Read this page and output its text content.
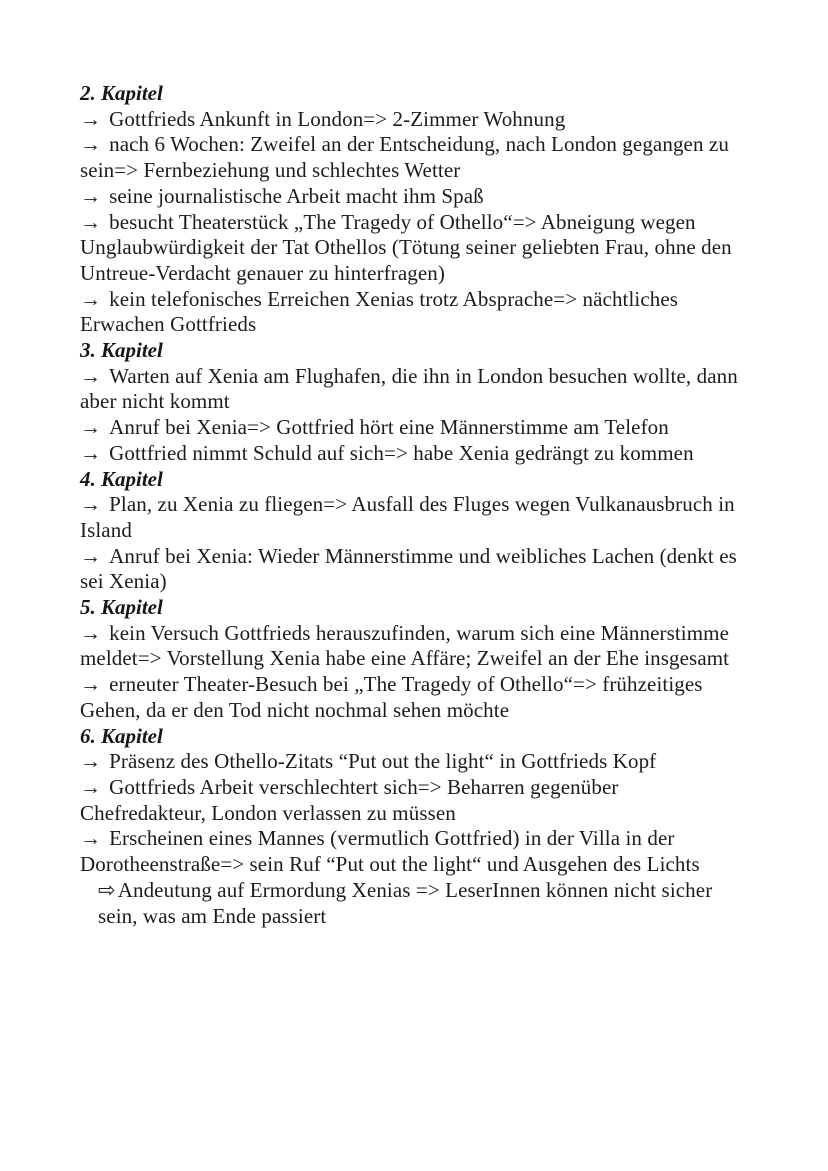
2. Kapitel

→ Gottfrieds Ankunft in London=> 2-Zimmer Wohnung

→ nach 6 Wochen: Zweifel an der Entscheidung, nach London gegangen zu sein=> Fernbeziehung und schlechtes Wetter

→ seine journalistische Arbeit macht ihm Spaß

→ besucht Theaterstück „The Tragedy of Othello“=> Abneigung wegen Unglaubwürdigkeit der Tat Othellos (Tötung seiner geliebten Frau, ohne den Untreue-Verdacht genauer zu hinterfragen)

→ kein telefonisches Erreichen Xenias trotz Absprache=> nächtliches Erwachen Gottfrieds

3. Kapitel

→ Warten auf Xenia am Flughafen, die ihn in London besuchen wollte, dann aber nicht kommt

→ Anruf bei Xenia=> Gottfried hört eine Männerstimme am Telefon

→ Gottfried nimmt Schuld auf sich=> habe Xenia gedrängt zu kommen

4. Kapitel

→ Plan, zu Xenia zu fliegen=> Ausfall des Fluges wegen Vulkanausbruch in Island

→ Anruf bei Xenia: Wieder Männerstimme und weibliches Lachen (denkt es sei Xenia)

5. Kapitel

→ kein Versuch Gottfrieds herauszufinden, warum sich eine Männerstimme meldet=> Vorstellung Xenia habe eine Affäre; Zweifel an der Ehe insgesamt

→ erneuter Theater-Besuch bei „The Tragedy of Othello“=> frühzeitiges Gehen, da er den Tod nicht nochmal sehen möchte

6. Kapitel

→ Präsenz des Othello-Zitats “Put out the light“ in Gottfrieds Kopf

→ Gottfrieds Arbeit verschlechtert sich=> Beharren gegenüber Chefredakteur, London verlassen zu müssen

→ Erscheinen eines Mannes (vermutlich Gottfried) in der Villa in der Dorotheenstraße=> sein Ruf “Put out the light“ und Ausgehen des Lichts

⇨Andeutung auf Ermordung Xenias => LeserInnen können nicht sicher sein, was am Ende passiert
